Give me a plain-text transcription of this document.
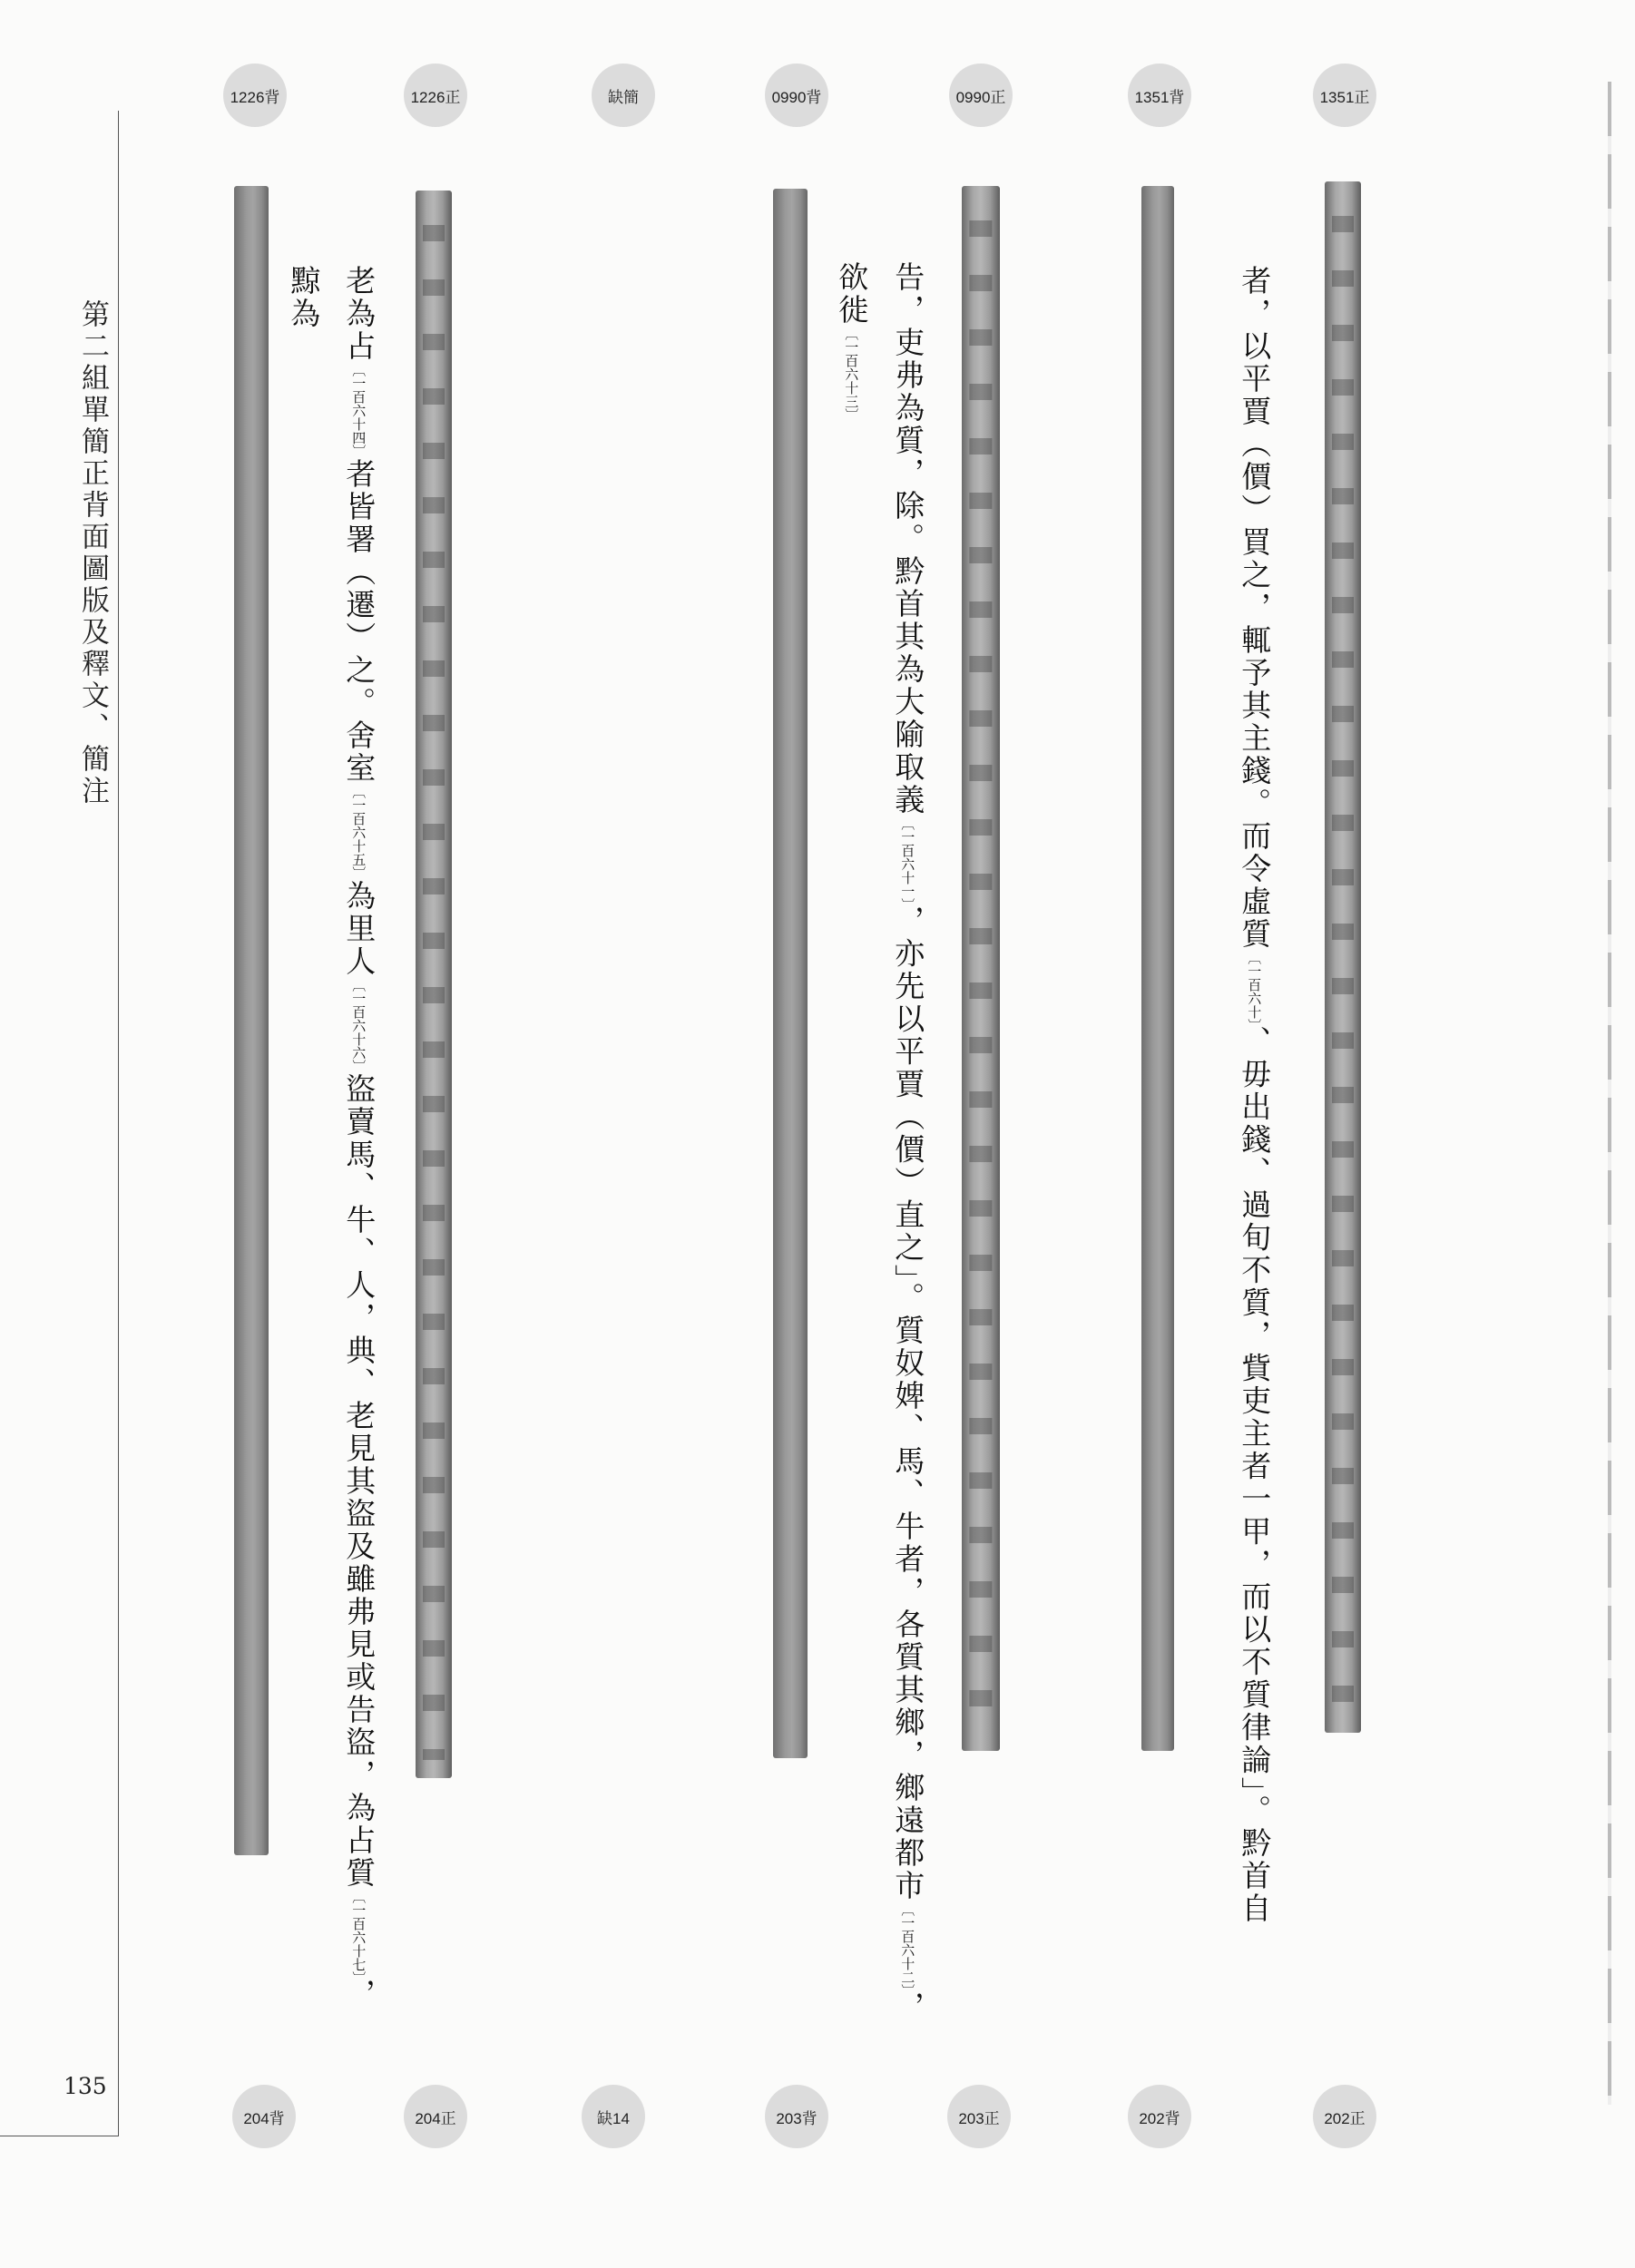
第二組單簡正背面圖版及釋文、簡注
135
1226背	1226正	缺簡	0990背	0990正	1351背	1351正
者，以平賈（價）買之，輒予其主錢。而令虛質〔一百六十〕、毋出錢、過旬不質，貲吏主者一甲，而以不質律論」。黔首自
告，吏弗為質，除。黔首其為大隃取義〔一百六十一〕，亦先以平賈（價）直之」。質奴婢、馬、牛者，各質其鄉，鄉遠都市〔一百六十二〕，
欲徙〔一百六十三〕
老為占〔一百六十四〕者皆署（遷）之。舍室〔一百六十五〕為里人〔一百六十六〕盜賣馬、牛、人，典、老見其盜及雖弗見或告盜，為占質〔一百六十七〕，
黥為
204背	204正	缺14	203背	203正	202背	202正
